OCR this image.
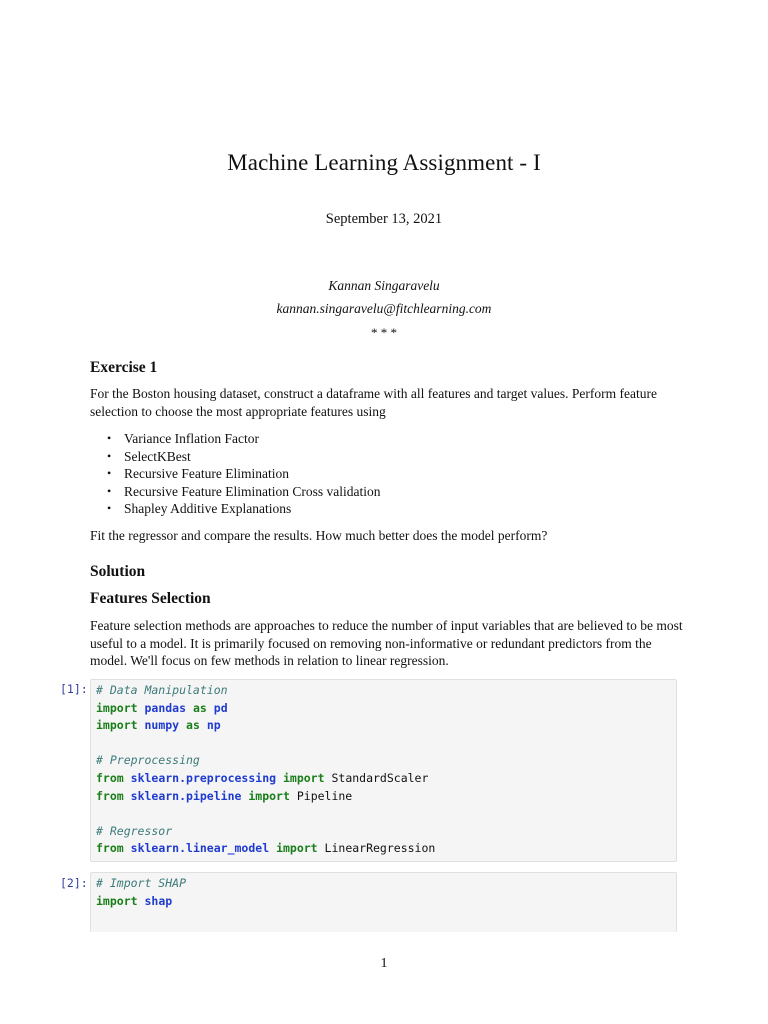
Machine Learning Assignment - I
September 13, 2021
Kannan Singaravelu
kannan.singaravelu@fitchlearning.com
* * *
Exercise 1
For the Boston housing dataset, construct a dataframe with all features and target values. Perform feature selection to choose the most appropriate features using
• Variance Inflation Factor
• SelectKBest
• Recursive Feature Elimination
• Recursive Feature Elimination Cross validation
• Shapley Additive Explanations
Fit the regressor and compare the results. How much better does the model perform?
Solution
Features Selection
Feature selection methods are approaches to reduce the number of input variables that are believed to be most useful to a model. It is primarily focused on removing non-informative or redundant predictors from the model. We'll focus on few methods in relation to linear regression.
[1]: # Data Manipulation
import pandas as pd
import numpy as np

# Preprocessing
from sklearn.preprocessing import StandardScaler
from sklearn.pipeline import Pipeline

# Regressor
from sklearn.linear_model import LinearRegression
[2]: # Import SHAP
import shap
1
